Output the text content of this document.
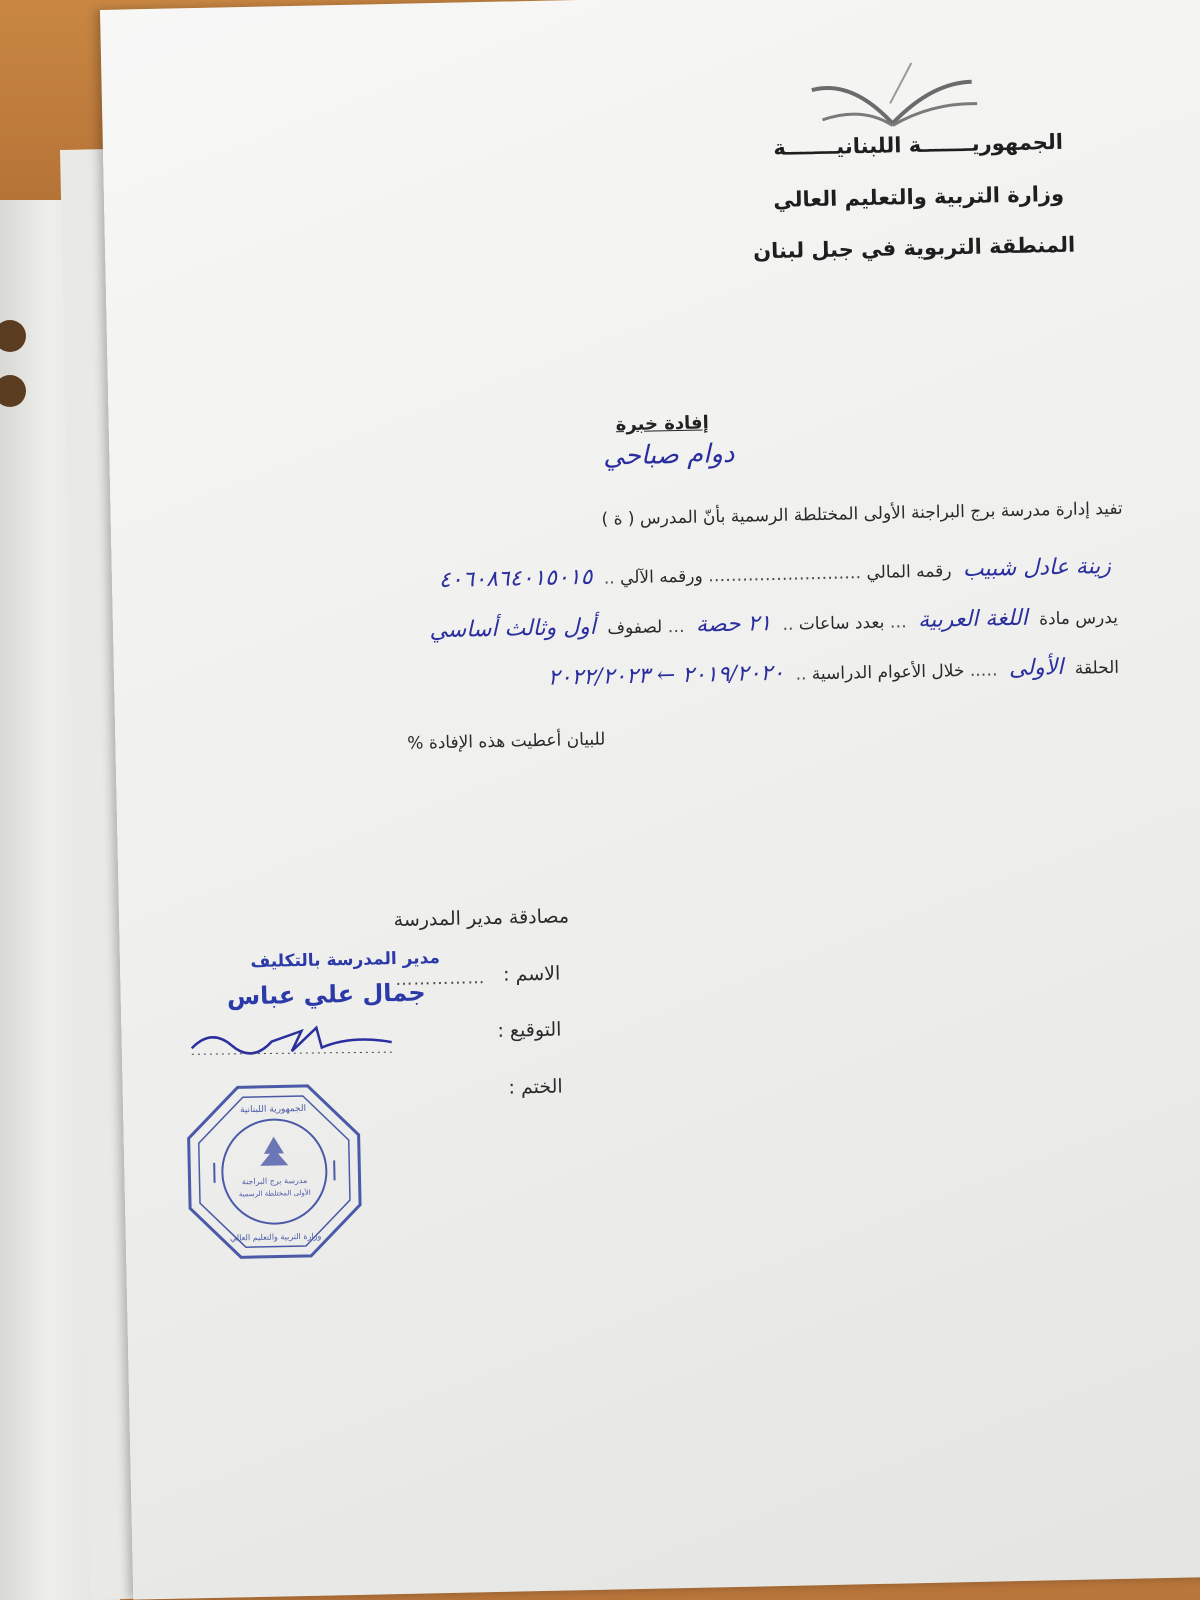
الجمهوريـــــــة اللبنانيـــــــة
وزارة التربية والتعليم العالي
المنطقة التربوية في جبل لبنان
إفادة خبرة
دوام صباحي
تفيد إدارة مدرسة برج البراجنة الأولى المختلطة الرسمية بأنّ المدرس ( ة )
زينة عادل شبيب رقمه المالي ……………………… ورقمه الآلي .. ٤٠٦٠٨٦٤٠١٥٠١٥
يدرس مادة اللغة العربية … بعدد ساعات .. ٢١ حصة … لصفوف أول وثالث أساسي
الحلقة الأولى ….. خلال الأعوام الدراسية .. ٢٠١٩/٢٠٢٠ ← ٢٠٢٢/٢٠٢٣
للبيان أعطيت هذه الإفادة %
مصادقة مدير المدرسة
الاسم :
……………
مدير المدرسة بالتكليف
جمال علي عباس
التوقيع :
الختم :
مدرسة برج البراجنة
الأولى المختلطة الرسمية
الجمهورية اللبنانية
وزارة التربية والتعليم العالي
